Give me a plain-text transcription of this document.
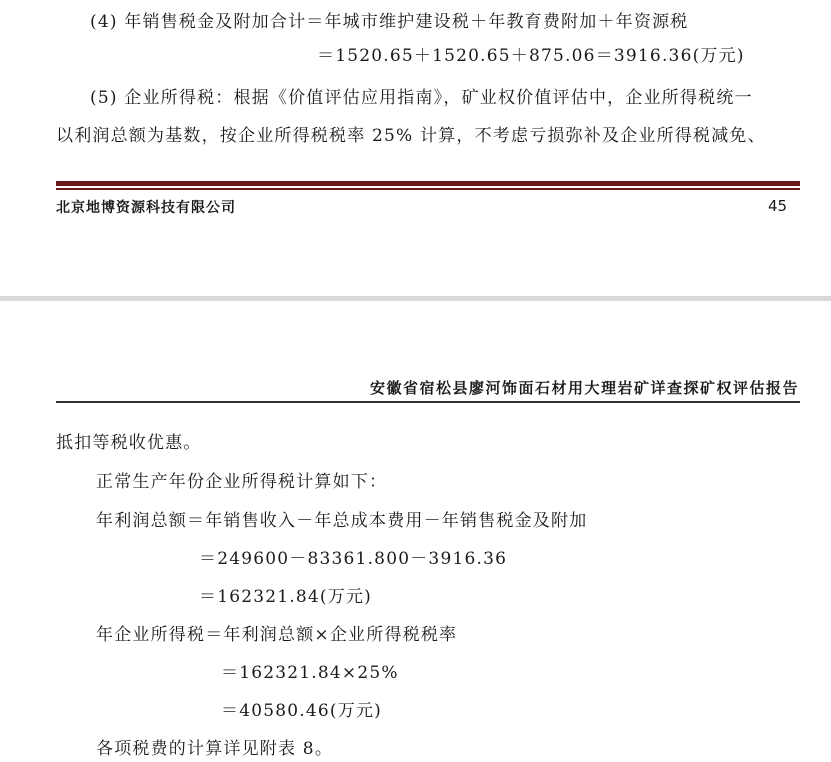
(4) 年销售税金及附加合计＝年城市维护建设税＋年教育费附加＋年资源税
＝1520.65＋1520.65＋875.06＝3916.36(万元)
(5) 企业所得税：根据《价值评估应用指南》，矿业权价值评估中，企业所得税统一
以利润总额为基数，按企业所得税税率 25% 计算，不考虑亏损弥补及企业所得税减免、
北京地博资源科技有限公司	45
安徽省宿松县廖河饰面石材用大理岩矿详查探矿权评估报告
抵扣等税收优惠。
正常生产年份企业所得税计算如下：
年利润总额＝年销售收入－年总成本费用－年销售税金及附加
＝249600－83361.800－3916.36
＝162321.84(万元)
年企业所得税＝年利润总额×企业所得税税率
＝162321.84×25%
＝40580.46(万元)
各项税费的计算详见附表 8。
